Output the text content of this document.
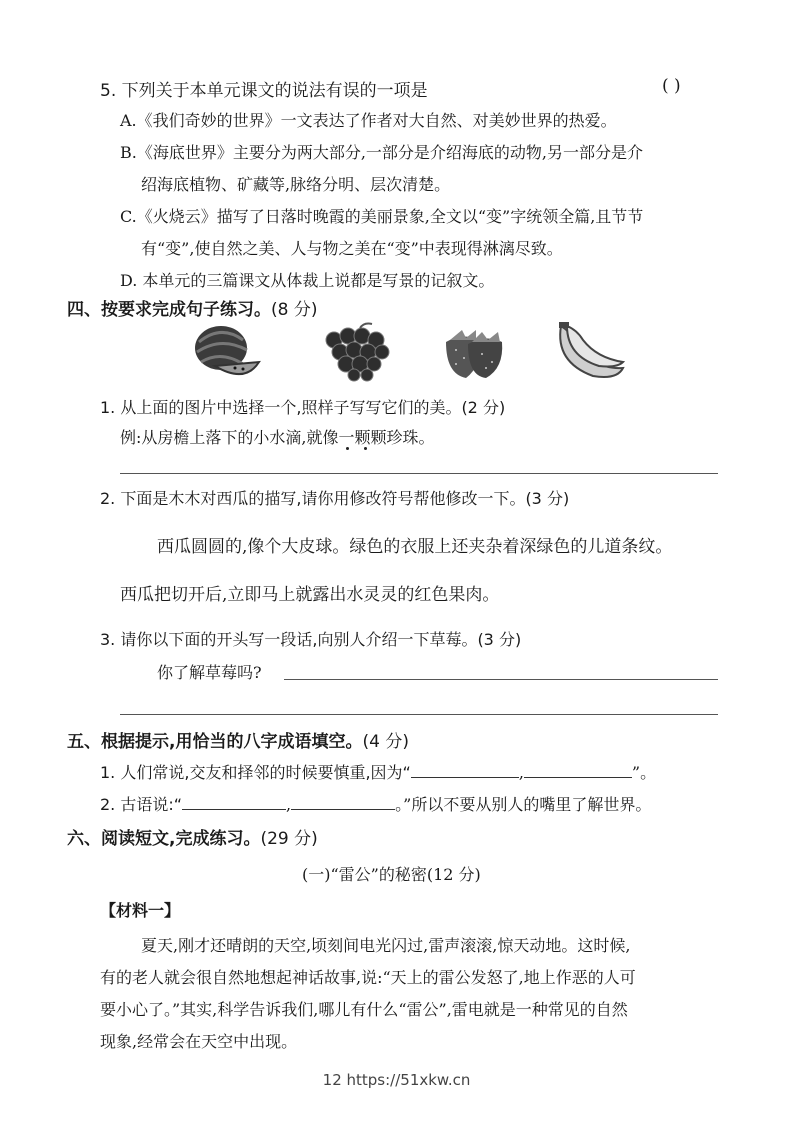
5. 下列关于本单元课文的说法有误的一项是	( )
A.《我们奇妙的世界》一文表达了作者对大自然、对美妙世界的热爱。
B.《海底世界》主要分为两大部分,一部分是介绍海底的动物,另一部分是介
绍海底植物、矿藏等,脉络分明、层次清楚。
C.《火烧云》描写了日落时晚霞的美丽景象,全文以“变”字统领全篇,且节节
有“变”,使自然之美、人与物之美在“变”中表现得淋漓尽致。
D. 本单元的三篇课文从体裁上说都是写景的记叙文。
四、按要求完成句子练习。(8 分)
1. 从上面的图片中选择一个,照样子写写它们的美。(2 分)
例:从房檐上落下的小水滴,就像一颗颗珍珠。
2. 下面是木木对西瓜的描写,请你用修改符号帮他修改一下。(3 分)
西瓜圆圆的,像个大皮球。绿色的衣服上还夹杂着深绿色的儿道条纹。
西瓜把切开后,立即马上就露出水灵灵的红色果肉。
3. 请你以下面的开头写一段话,向别人介绍一下草莓。(3 分)
你了解草莓吗?
五、根据提示,用恰当的八字成语填空。(4 分)
1. 人们常说,交友和择邻的时候要慎重,因为“	,	”。
2. 古语说:“	,	。”所以不要从别人的嘴里了解世界。
六、阅读短文,完成练习。(29 分)
(一)“雷公”的秘密(12 分)
【材料一】
夏天,刚才还晴朗的天空,顷刻间电光闪过,雷声滚滚,惊天动地。这时候,
有的老人就会很自然地想起神话故事,说:“天上的雷公发怒了,地上作恶的人可
要小心了。”其实,科学告诉我们,哪儿有什么“雷公”,雷电就是一种常见的自然
现象,经常会在天空中出现。
12 https://51xkw.cn
